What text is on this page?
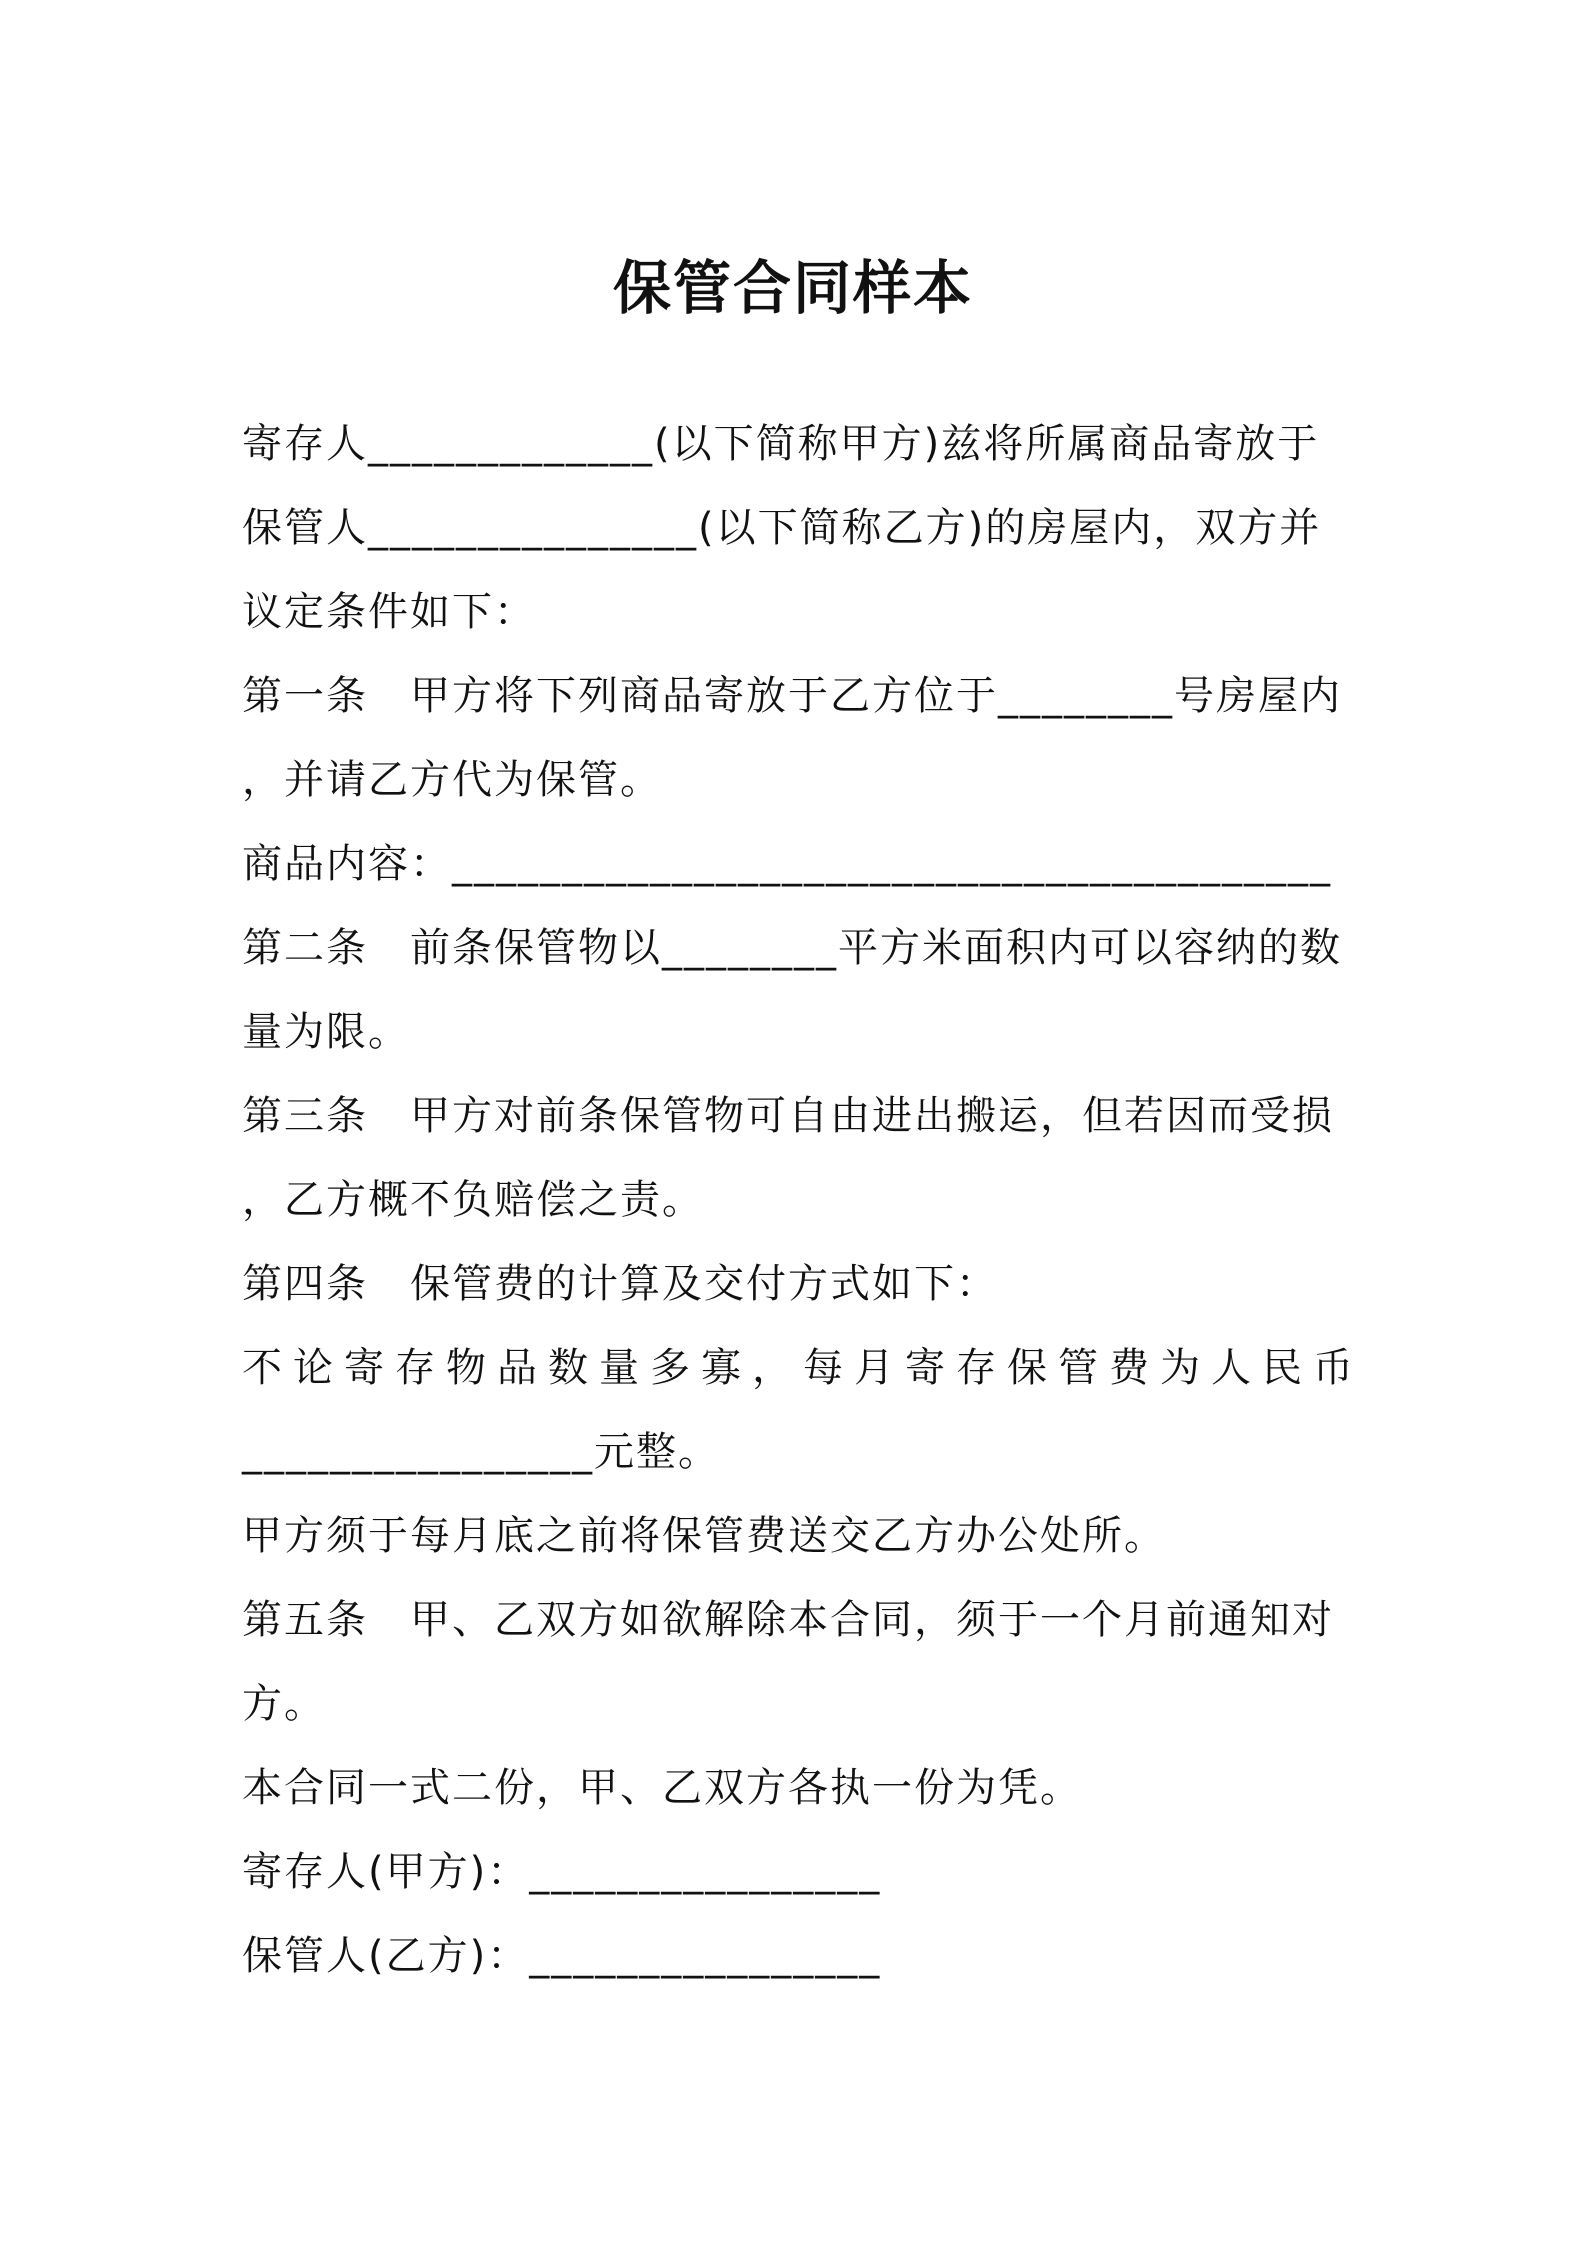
保管合同样本
寄存人_____________(以下简称甲方)兹将所属商品寄放于
保管人_______________(以下简称乙方)的房屋内，双方并
议定条件如下：
第一条　甲方将下列商品寄放于乙方位于________号房屋内
，并请乙方代为保管。
商品内容：________________________________________
第二条　前条保管物以________平方米面积内可以容纳的数
量为限。
第三条　甲方对前条保管物可自由进出搬运，但若因而受损
，乙方概不负赔偿之责。
第四条　保管费的计算及交付方式如下：
不论寄存物品数量多寡，每月寄存保管费为人民币
________________元整。
甲方须于每月底之前将保管费送交乙方办公处所。
第五条　甲、乙双方如欲解除本合同，须于一个月前通知对
方。
本合同一式二份，甲、乙双方各执一份为凭。
寄存人(甲方)：________________
保管人(乙方)：________________
